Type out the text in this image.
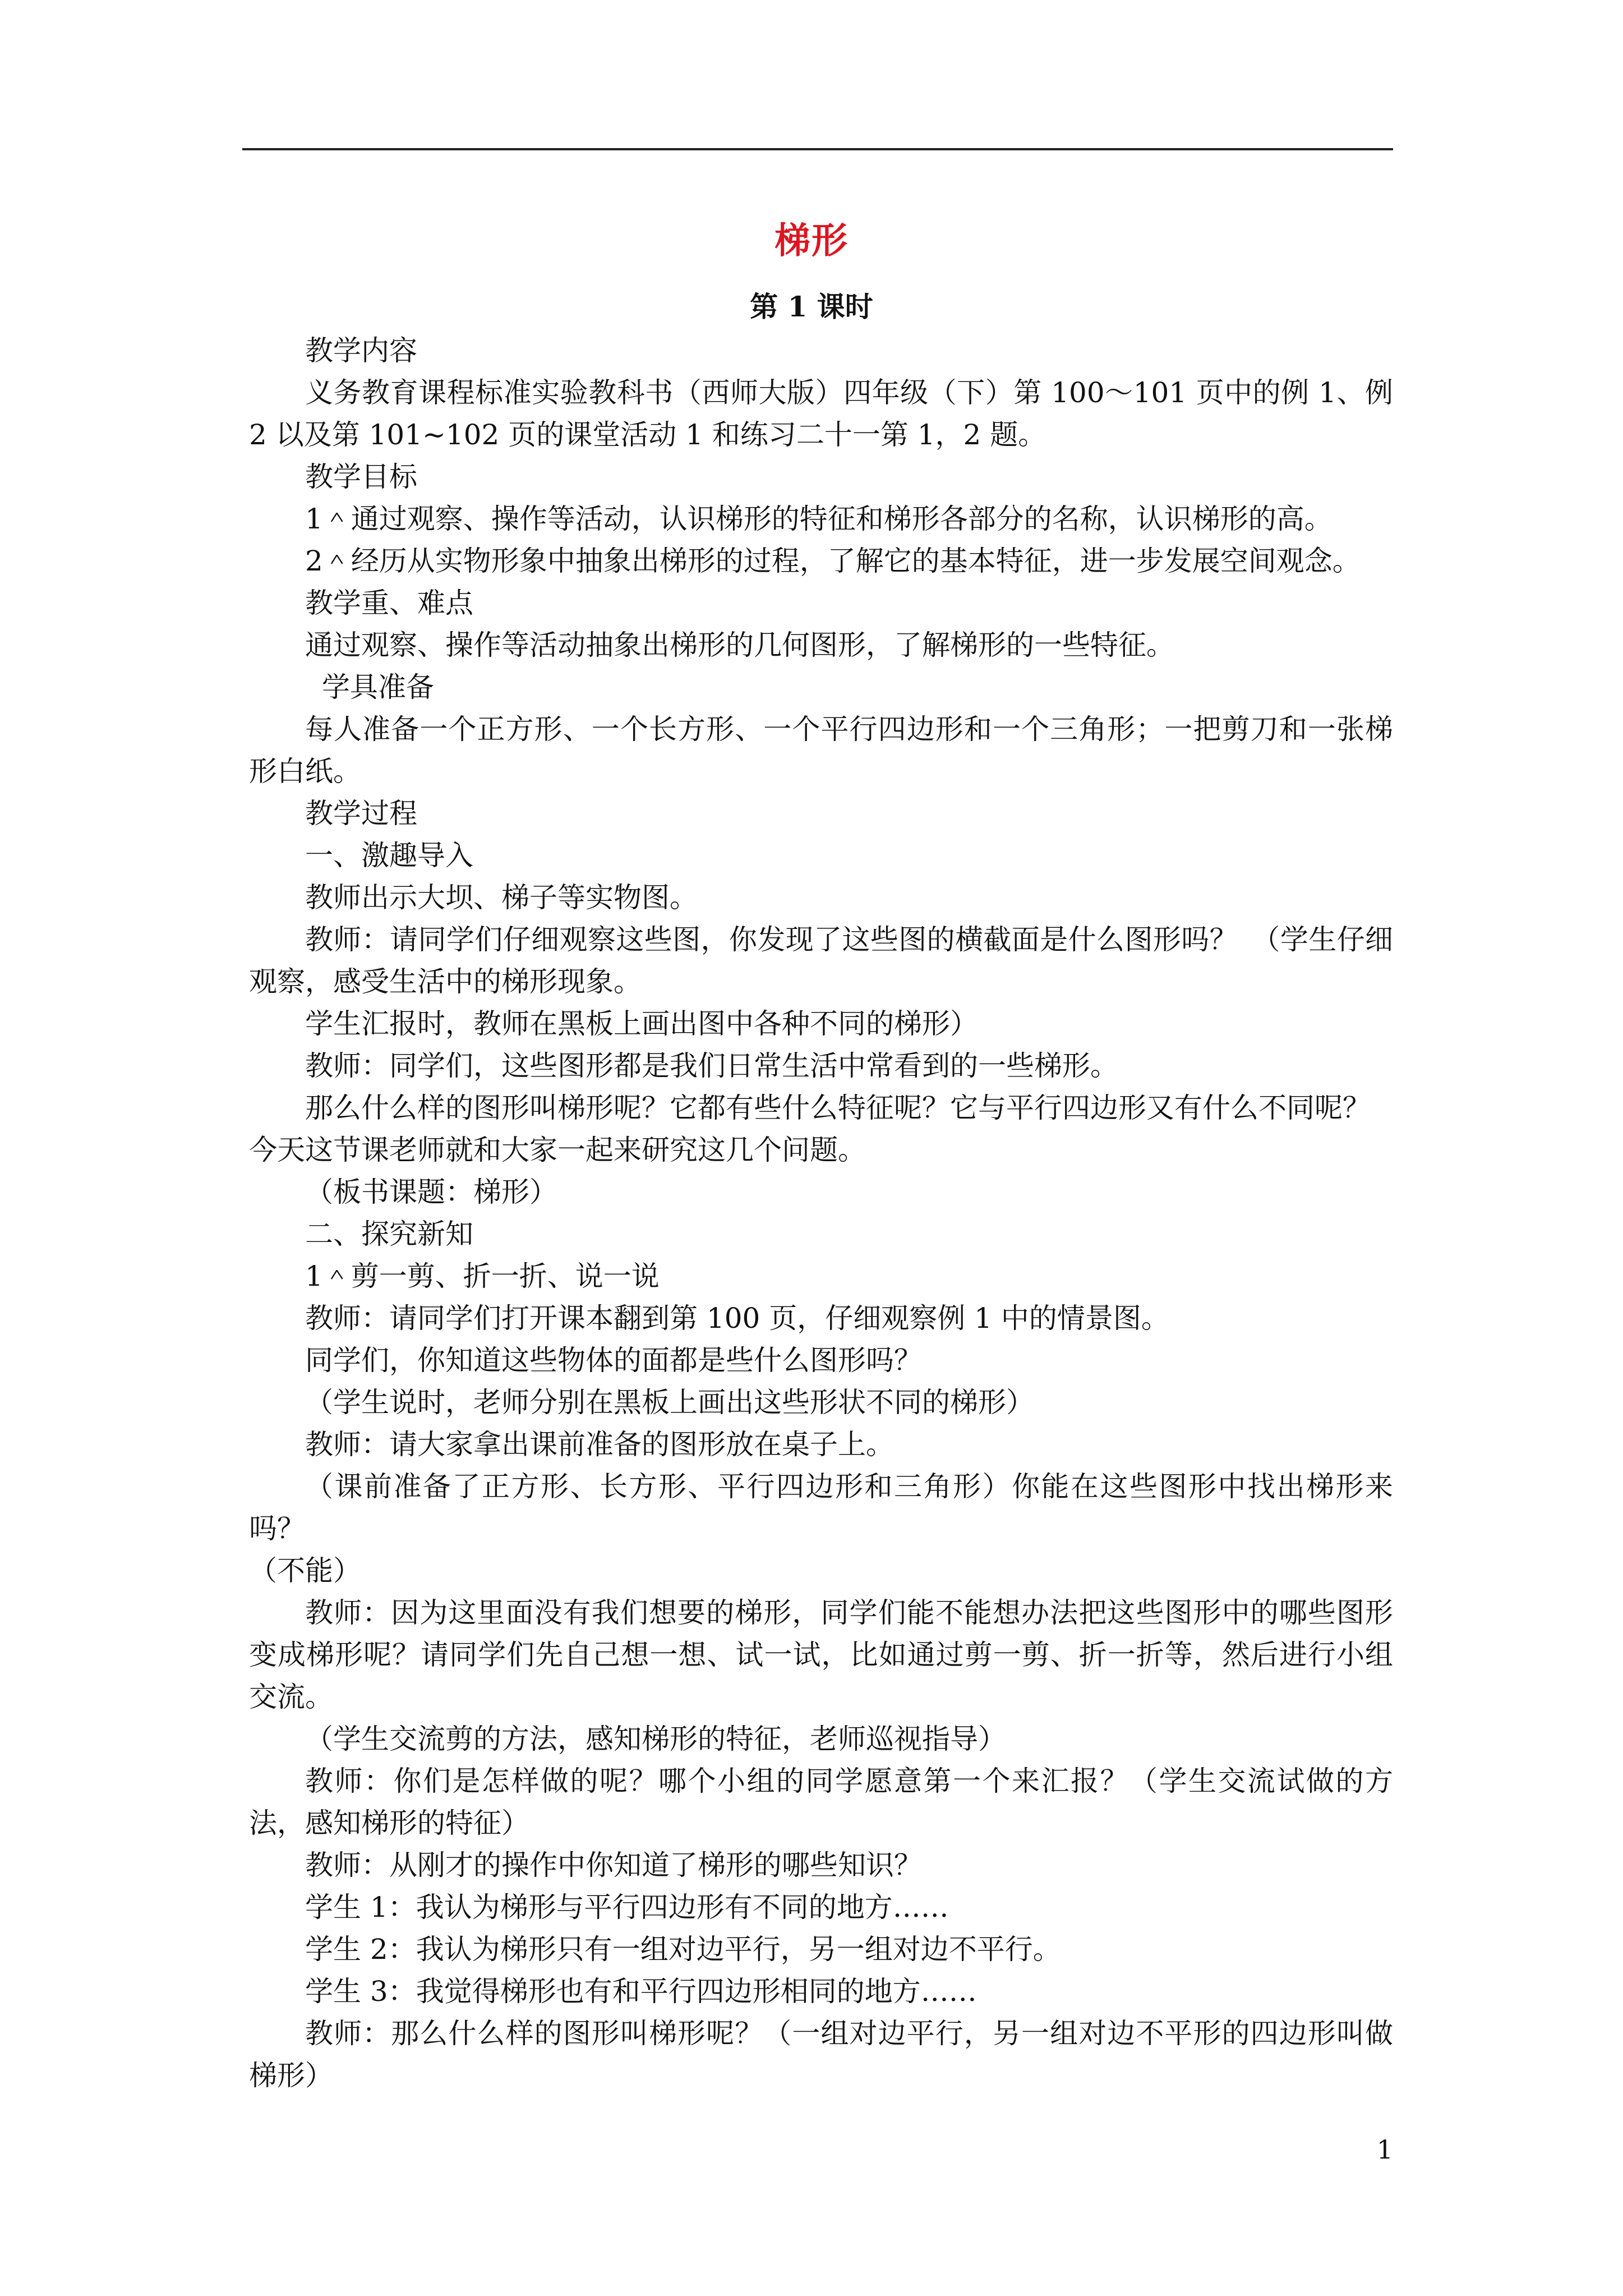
梯形
第 1 课时

教学内容

义务教育课程标准实验教科书（西师大版）四年级（下）第 100～101 页中的例 1、例 2 以及第 101~102 页的课堂活动 1 和练习二十一第 1，2 题。

教学目标

1＾通过观察、操作等活动，认识梯形的特征和梯形各部分的名称，认识梯形的高。

2＾经历从实物形象中抽象出梯形的过程，了解它的基本特征，进一步发展空间观念。

教学重、难点

通过观察、操作等活动抽象出梯形的几何图形，了解梯形的一些特征。

学具准备

每人准备一个正方形、一个长方形、一个平行四边形和一个三角形；一把剪刀和一张梯形白纸。

教学过程

一、激趣导入

教师出示大坝、梯子等实物图。

教师：请同学们仔细观察这些图，你发现了这些图的横截面是什么图形吗？　（学生仔细观察，感受生活中的梯形现象。

学生汇报时，教师在黑板上画出图中各种不同的梯形）

教师：同学们，这些图形都是我们日常生活中常看到的一些梯形。

那么什么样的图形叫梯形呢？它都有些什么特征呢？它与平行四边形又有什么不同呢？

今天这节课老师就和大家一起来研究这几个问题。

（板书课题：梯形）

二、探究新知

1＾剪一剪、折一折、说一说

教师：请同学们打开课本翻到第 100 页，仔细观察例 1 中的情景图。

同学们，你知道这些物体的面都是些什么图形吗？

（学生说时，老师分别在黑板上画出这些形状不同的梯形）

教师：请大家拿出课前准备的图形放在桌子上。

（课前准备了正方形、长方形、平行四边形和三角形）你能在这些图形中找出梯形来吗？

（不能）

教师：因为这里面没有我们想要的梯形，同学们能不能想办法把这些图形中的哪些图形变成梯形呢？请同学们先自己想一想、试一试，比如通过剪一剪、折一折等，然后进行小组交流。

（学生交流剪的方法，感知梯形的特征，老师巡视指导）

教师：你们是怎样做的呢？哪个小组的同学愿意第一个来汇报？（学生交流试做的方法，感知梯形的特征）

教师：从刚才的操作中你知道了梯形的哪些知识？

学生 1：我认为梯形与平行四边形有不同的地方……

学生 2：我认为梯形只有一组对边平行，另一组对边不平行。

学生 3：我觉得梯形也有和平行四边形相同的地方……

教师：那么什么样的图形叫梯形呢？（一组对边平行，另一组对边不平形的四边形叫做梯形）

1
